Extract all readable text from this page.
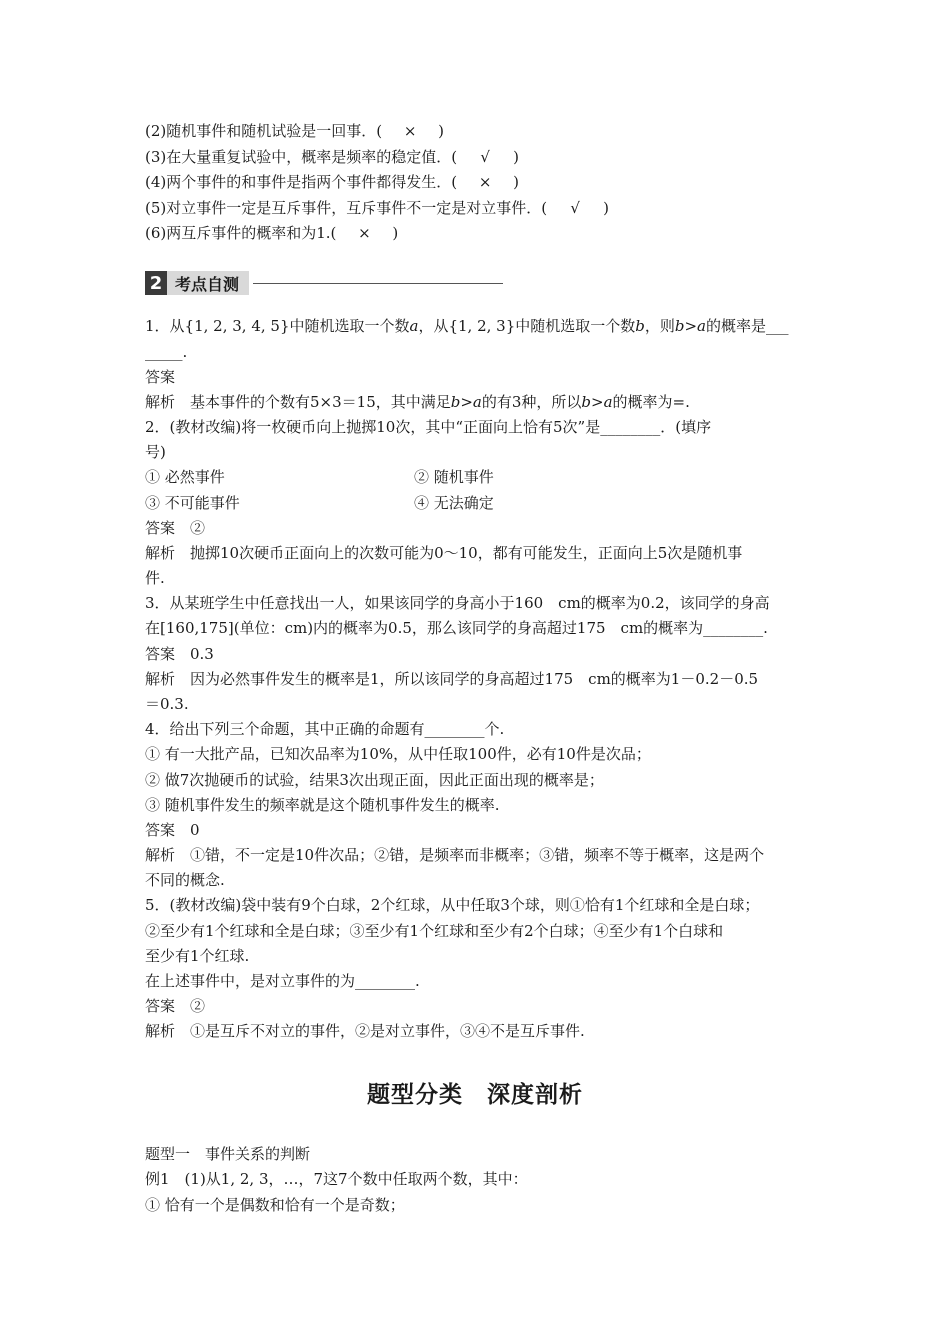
(2)随机事件和随机试验是一回事．( × )
(3)在大量重复试验中，概率是频率的稳定值．( √ )
(4)两个事件的和事件是指两个事件都得发生．( × )
(5)对立事件一定是互斥事件，互斥事件不一定是对立事件．( √ )
(6)两互斥事件的概率和为1.( × )
2 考点自测
1．从{1, 2, 3, 4, 5}中随机选取一个数a，从{1, 2, 3}中随机选取一个数b，则b>a的概率是___
_____.
答案
解析　基本事件的个数有5×3＝15，其中满足b>a的有3种，所以b>a的概率为=.
2．(教材改编)将一枚硬币向上抛掷10次，其中“正面向上恰有5次”是________．(填序
号)
① 必然事件	② 随机事件
③ 不可能事件	④ 无法确定
答案　②
解析　抛掷10次硬币正面向上的次数可能为0～10，都有可能发生，正面向上5次是随机事
件.
3．从某班学生中任意找出一人，如果该同学的身高小于160　cm的概率为0.2，该同学的身高
在[160,175](单位：cm)内的概率为0.5，那么该同学的身高超过175　cm的概率为________.
答案　0.3
解析　因为必然事件发生的概率是1，所以该同学的身高超过175　cm的概率为1－0.2－0.5
＝0.3.
4．给出下列三个命题，其中正确的命题有________个.
① 有一大批产品，已知次品率为10%，从中任取100件，必有10件是次品；
② 做7次抛硬币的试验，结果3次出现正面，因此正面出现的概率是；
③ 随机事件发生的频率就是这个随机事件发生的概率.
答案　0
解析　①错，不一定是10件次品；②错，是频率而非概率；③错，频率不等于概率，这是两个
不同的概念.
5．(教材改编)袋中装有9个白球，2个红球，从中任取3个球，则①恰有1个红球和全是白球；
②至少有1个红球和全是白球；③至少有1个红球和至少有2个白球；④至少有1个白球和
至少有1个红球.
在上述事件中，是对立事件的为________.
答案　②
解析　①是互斥不对立的事件，②是对立事件，③④不是互斥事件.
题型分类　深度剖析
题型一　事件关系的判断
例1　(1)从1, 2, 3，…，7这7个数中任取两个数，其中：
① 恰有一个是偶数和恰有一个是奇数；
